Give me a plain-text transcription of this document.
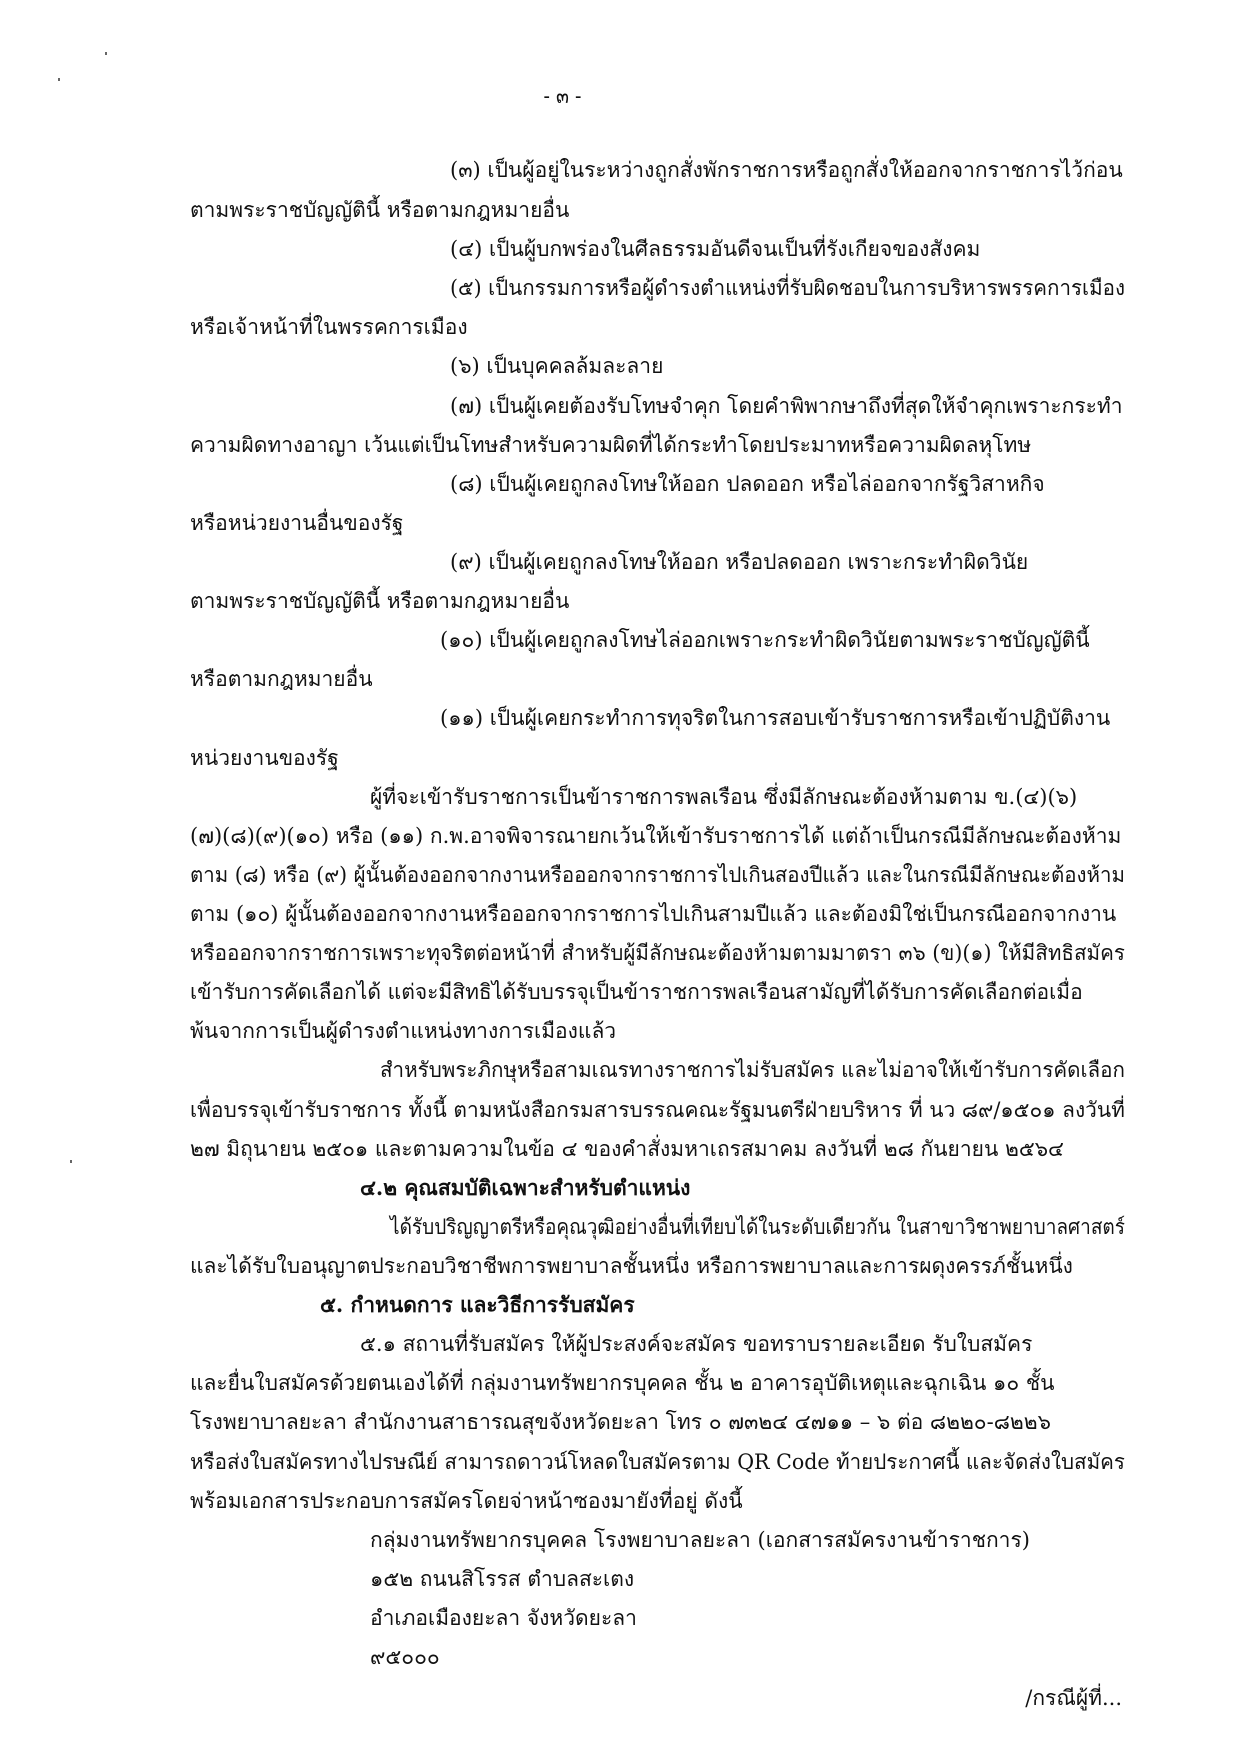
- ๓ -
(๓) เป็นผู้อยู่ในระหว่างถูกสั่งพักราชการหรือถูกสั่งให้ออกจากราชการไว้ก่อน
ตามพระราชบัญญัตินี้ หรือตามกฎหมายอื่น
(๔) เป็นผู้บกพร่องในศีลธรรมอันดีจนเป็นที่รังเกียจของสังคม
(๕) เป็นกรรมการหรือผู้ดำรงตำแหน่งที่รับผิดชอบในการบริหารพรรคการเมือง
หรือเจ้าหน้าที่ในพรรคการเมือง
(๖) เป็นบุคคลล้มละลาย
(๗) เป็นผู้เคยต้องรับโทษจำคุก โดยคำพิพากษาถึงที่สุดให้จำคุกเพราะกระทำ
ความผิดทางอาญา เว้นแต่เป็นโทษสำหรับความผิดที่ได้กระทำโดยประมาทหรือความผิดลหุโทษ
(๘) เป็นผู้เคยถูกลงโทษให้ออก ปลดออก หรือไล่ออกจากรัฐวิสาหกิจ
หรือหน่วยงานอื่นของรัฐ
(๙) เป็นผู้เคยถูกลงโทษให้ออก หรือปลดออก เพราะกระทำผิดวินัย
ตามพระราชบัญญัตินี้ หรือตามกฎหมายอื่น
(๑๐) เป็นผู้เคยถูกลงโทษไล่ออกเพราะกระทำผิดวินัยตามพระราชบัญญัตินี้
หรือตามกฎหมายอื่น
(๑๑) เป็นผู้เคยกระทำการทุจริตในการสอบเข้ารับราชการหรือเข้าปฏิบัติงาน
หน่วยงานของรัฐ
ผู้ที่จะเข้ารับราชการเป็นข้าราชการพลเรือน ซึ่งมีลักษณะต้องห้ามตาม ข.(๔)(๖)
(๗)(๘)(๙)(๑๐) หรือ (๑๑) ก.พ.อาจพิจารณายกเว้นให้เข้ารับราชการได้ แต่ถ้าเป็นกรณีมีลักษณะต้องห้าม
ตาม (๘) หรือ (๙) ผู้นั้นต้องออกจากงานหรือออกจากราชการไปเกินสองปีแล้ว และในกรณีมีลักษณะต้องห้าม
ตาม (๑๐) ผู้นั้นต้องออกจากงานหรือออกจากราชการไปเกินสามปีแล้ว และต้องมิใช่เป็นกรณีออกจากงาน
หรือออกจากราชการเพราะทุจริตต่อหน้าที่ สำหรับผู้มีลักษณะต้องห้ามตามมาตรา ๓๖ (ข)(๑) ให้มีสิทธิสมัคร
เข้ารับการคัดเลือกได้ แต่จะมีสิทธิได้รับบรรจุเป็นข้าราชการพลเรือนสามัญที่ได้รับการคัดเลือกต่อเมื่อ
พ้นจากการเป็นผู้ดำรงตำแหน่งทางการเมืองแล้ว
สำหรับพระภิกษุหรือสามเณรทางราชการไม่รับสมัคร และไม่อาจให้เข้ารับการคัดเลือก
เพื่อบรรจุเข้ารับราชการ ทั้งนี้ ตามหนังสือกรมสารบรรณคณะรัฐมนตรีฝ่ายบริหาร ที่ นว ๘๙/๑๕๐๑ ลงวันที่
๒๗ มิถุนายน ๒๕๐๑ และตามความในข้อ ๔ ของคำสั่งมหาเถรสมาคม ลงวันที่ ๒๘ กันยายน ๒๕๖๔
๔.๒ คุณสมบัติเฉพาะสำหรับตำแหน่ง
ได้รับปริญญาตรีหรือคุณวุฒิอย่างอื่นที่เทียบได้ในระดับเดียวกัน ในสาขาวิชาพยาบาลศาสตร์
และได้รับใบอนุญาตประกอบวิชาชีพการพยาบาลชั้นหนึ่ง หรือการพยาบาลและการผดุงครรภ์ชั้นหนึ่ง
๕. กำหนดการ และวิธีการรับสมัคร
๕.๑ สถานที่รับสมัคร ให้ผู้ประสงค์จะสมัคร ขอทราบรายละเอียด รับใบสมัคร
และยื่นใบสมัครด้วยตนเองได้ที่ กลุ่มงานทรัพยากรบุคคล ชั้น ๒ อาคารอุบัติเหตุและฉุกเฉิน ๑๐ ชั้น
โรงพยาบาลยะลา สำนักงานสาธารณสุขจังหวัดยะลา โทร ๐ ๗๓๒๔ ๔๗๑๑ – ๖ ต่อ ๘๒๒๐-๘๒๒๖
หรือส่งใบสมัครทางไปรษณีย์ สามารถดาวน์โหลดใบสมัครตาม QR Code ท้ายประกาศนี้ และจัดส่งใบสมัคร
พร้อมเอกสารประกอบการสมัครโดยจ่าหน้าซองมายังที่อยู่ ดังนี้
กลุ่มงานทรัพยากรบุคคล โรงพยาบาลยะลา (เอกสารสมัครงานข้าราชการ)
๑๕๒ ถนนสิโรรส ตำบลสะเตง
อำเภอเมืองยะลา จังหวัดยะลา
๙๕๐๐๐
/กรณีผู้ที่...
